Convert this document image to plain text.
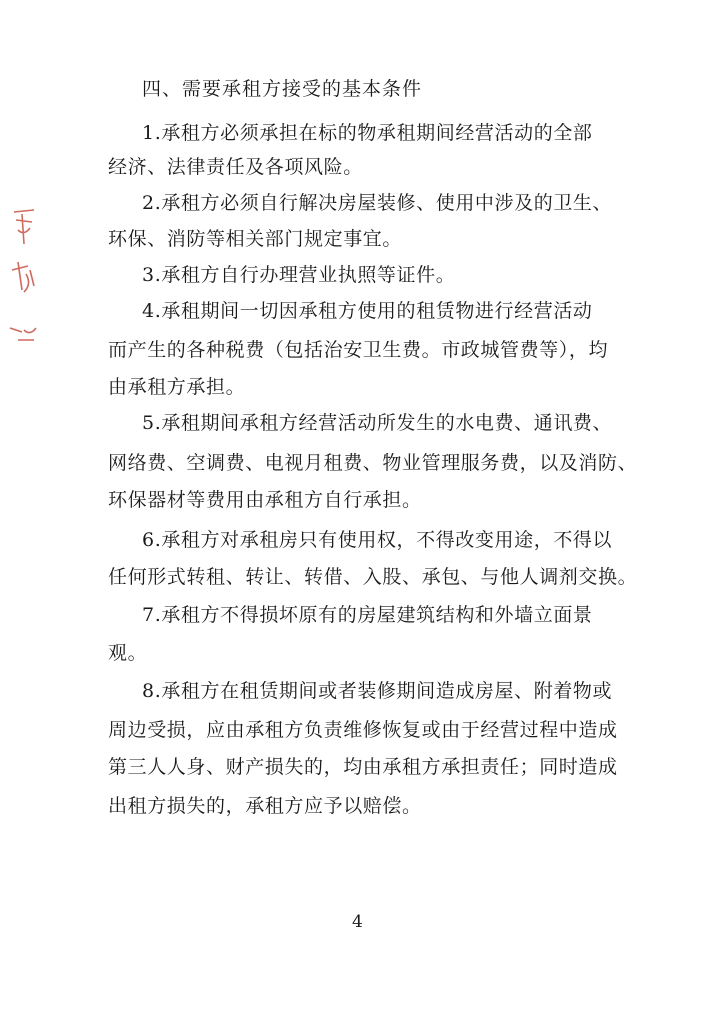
四、需要承租方接受的基本条件
1.承租方必须承担在标的物承租期间经营活动的全部
经济、法律责任及各项风险。
2.承租方必须自行解决房屋装修、使用中涉及的卫生、
环保、消防等相关部门规定事宜。
3.承租方自行办理营业执照等证件。
4.承租期间一切因承租方使用的租赁物进行经营活动
而产生的各种税费（包括治安卫生费。市政城管费等），均
由承租方承担。
5.承租期间承租方经营活动所发生的水电费、通讯费、
网络费、空调费、电视月租费、物业管理服务费，以及消防、
环保器材等费用由承租方自行承担。
6.承租方对承租房只有使用权，不得改变用途，不得以
任何形式转租、转让、转借、入股、承包、与他人调剂交换。
7.承租方不得损坏原有的房屋建筑结构和外墙立面景
观。
8.承租方在租赁期间或者装修期间造成房屋、附着物或
周边受损，应由承租方负责维修恢复或由于经营过程中造成
第三人人身、财产损失的，均由承租方承担责任；同时造成
出租方损失的，承租方应予以赔偿。
4
